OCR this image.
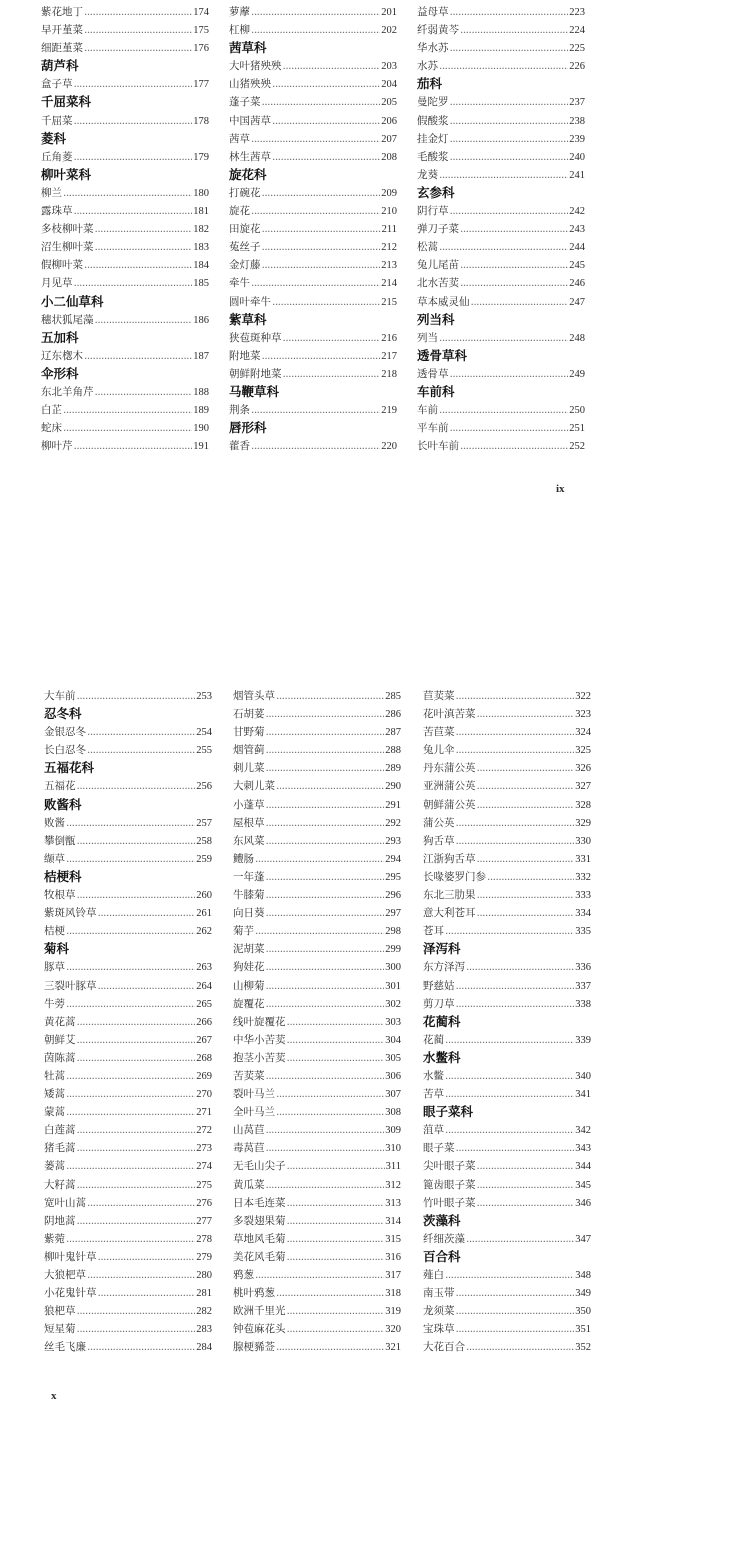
紫花地丁 .....	174
早开堇菜 .....	175
细距堇菜 .....	176
葫芦科
盒子草 .....	177
千屈菜科
千屈菜 .....	178
菱科
丘角菱 .....	179
柳叶菜科
柳兰 .....	180
露珠草 .....	181
多枝柳叶菜 .....	182
沼生柳叶菜 .....	183
假柳叶菜 .....	184
月见草 .....	185
小二仙草科
穗状狐尾藻 .....	186
五加科
辽东楤木 .....	187
伞形科
东北羊角芹 .....	188
白芷 .....	189
蛇床 .....	190
柳叶芹 .....	191
萝藦 .....	201
杠柳 .....	202
茜草科
大叶猪殃殃 .....	203
山猪殃殃 .....	204
蓬子菜 .....	205
中国茜草 .....	206
茜草 .....	207
林生茜草 .....	208
旋花科
打碗花 .....	209
旋花 .....	210
田旋花 .....	211
菟丝子 .....	212
金灯藤 .....	213
牵牛 .....	214
圆叶牵牛 .....	215
紫草科
狭苞斑种草 .....	216
附地菜 .....	217
朝鲜附地菜 .....	218
马鞭草科
荆条 .....	219
唇形科
藿香 .....	220
益母草 .....	223
纤弱黄芩 .....	224
华水苏 .....	225
水苏 .....	226
茄科
曼陀罗 .....	237
假酸浆 .....	238
挂金灯 .....	239
毛酸浆 .....	240
龙葵 .....	241
玄参科
阴行草 .....	242
弹刀子菜 .....	243
松蒿 .....	244
兔儿尾苗 .....	245
北水苦荬 .....	246
草本威灵仙 .....	247
列当科
列当 .....	248
透骨草科
透骨草 .....	249
车前科
车前 .....	250
平车前 .....	251
长叶车前 .....	252
ix
大车前 .....	253
忍冬科
金银忍冬 .....	254
长白忍冬 .....	255
五福花科
五福花 .....	256
败酱科
败酱 .....	257
攀倒甑 .....	258
缬草 .....	259
桔梗科
牧根草 .....	260
紫斑风铃草 .....	261
桔梗 .....	262
菊科
豚草 .....	263
三裂叶豚草 .....	264
牛蒡 .....	265
黄花蒿 .....	266
朝鲜艾 .....	267
茵陈蒿 .....	268
牡蒿 .....	269
矮蒿 .....	270
蒙蒿 .....	271
白莲蒿 .....	272
猪毛蒿 .....	273
蒌蒿 .....	274
大籽蒿 .....	275
宽叶山蒿 .....	276
阴地蒿 .....	277
紫菀 .....	278
柳叶鬼针草 .....	279
大狼杷草 .....	280
小花鬼针草 .....	281
狼杷草 .....	282
短星菊 .....	283
丝毛飞廉 .....	284
烟管头草 .....	285
石胡荽 .....	286
甘野菊 .....	287
烟管蓟 .....	288
刺儿菜 .....	289
大刺儿菜 .....	290
小蓬草 .....	291
屋根草 .....	292
东风菜 .....	293
鳢肠 .....	294
一年蓬 .....	295
牛膝菊 .....	296
向日葵 .....	297
菊芋 .....	298
泥胡菜 .....	299
狗娃花 .....	300
山柳菊 .....	301
旋覆花 .....	302
线叶旋覆花 .....	303
中华小苦荬 .....	304
抱茎小苦荬 .....	305
苦荬菜 .....	306
裂叶马兰 .....	307
全叶马兰 .....	308
山莴苣 .....	309
毒莴苣 .....	310
无毛山尖子 .....	311
黄瓜菜 .....	312
日本毛连菜 .....	313
多裂翅果菊 .....	314
草地风毛菊 .....	315
美花风毛菊 .....	316
鸦葱 .....	317
桃叶鸦葱 .....	318
欧洲千里光 .....	319
钟苞麻花头 .....	320
腺梗豨莶 .....	321
苣荬菜 .....	322
花叶滇苦菜 .....	323
苦苣菜 .....	324
兔儿伞 .....	325
丹东蒲公英 .....	326
亚洲蒲公英 .....	327
朝鲜蒲公英 .....	328
蒲公英 .....	329
狗舌草 .....	330
江浙狗舌草 .....	331
长喙婆罗门参 .....	332
东北三肋果 .....	333
意大利苍耳 .....	334
苍耳 .....	335
泽泻科
东方泽泻 .....	336
野慈姑 .....	337
剪刀草 .....	338
花蔺科
花蔺 .....	339
水鳖科
水鳖 .....	340
苦草 .....	341
眼子菜科
菹草 .....	342
眼子菜 .....	343
尖叶眼子菜 .....	344
篦齿眼子菜 .....	345
竹叶眼子菜 .....	346
茨藻科
纤细茨藻 .....	347
百合科
薤白 .....	348
南玉带 .....	349
龙须菜 .....	350
宝珠草 .....	351
大花百合 .....	352
x
